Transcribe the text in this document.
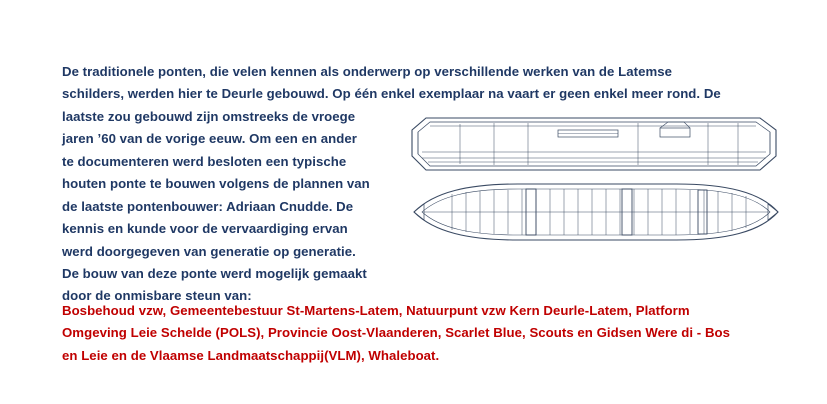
De traditionele ponten, die velen kennen als onderwerp op verschillende werken van de Latemse

schilders, werden hier te Deurle gebouwd. Op één enkel exemplaar na vaart er geen enkel meer rond. De

laatste zou gebouwd zijn omstreeks de vroege

jaren ’60 van de vorige eeuw. Om een en ander

te documenteren werd besloten een typische

houten ponte te bouwen volgens de plannen van

de laatste pontenbouwer: Adriaan Cnudde. De

kennis en kunde voor de vervaardiging ervan

werd doorgegeven van generatie op generatie.

De bouw van deze ponte werd mogelijk gemaakt

door de onmisbare steun van:

Bosbehoud vzw, Gemeentebestuur St-Martens-Latem, Natuurpunt vzw Kern Deurle-Latem, Platform

Omgeving Leie Schelde (POLS), Provincie Oost-Vlaanderen, Scarlet Blue, Scouts en Gidsen Were di - Bos

en Leie en de Vlaamse Landmaatschappij(VLM), Whaleboat.
